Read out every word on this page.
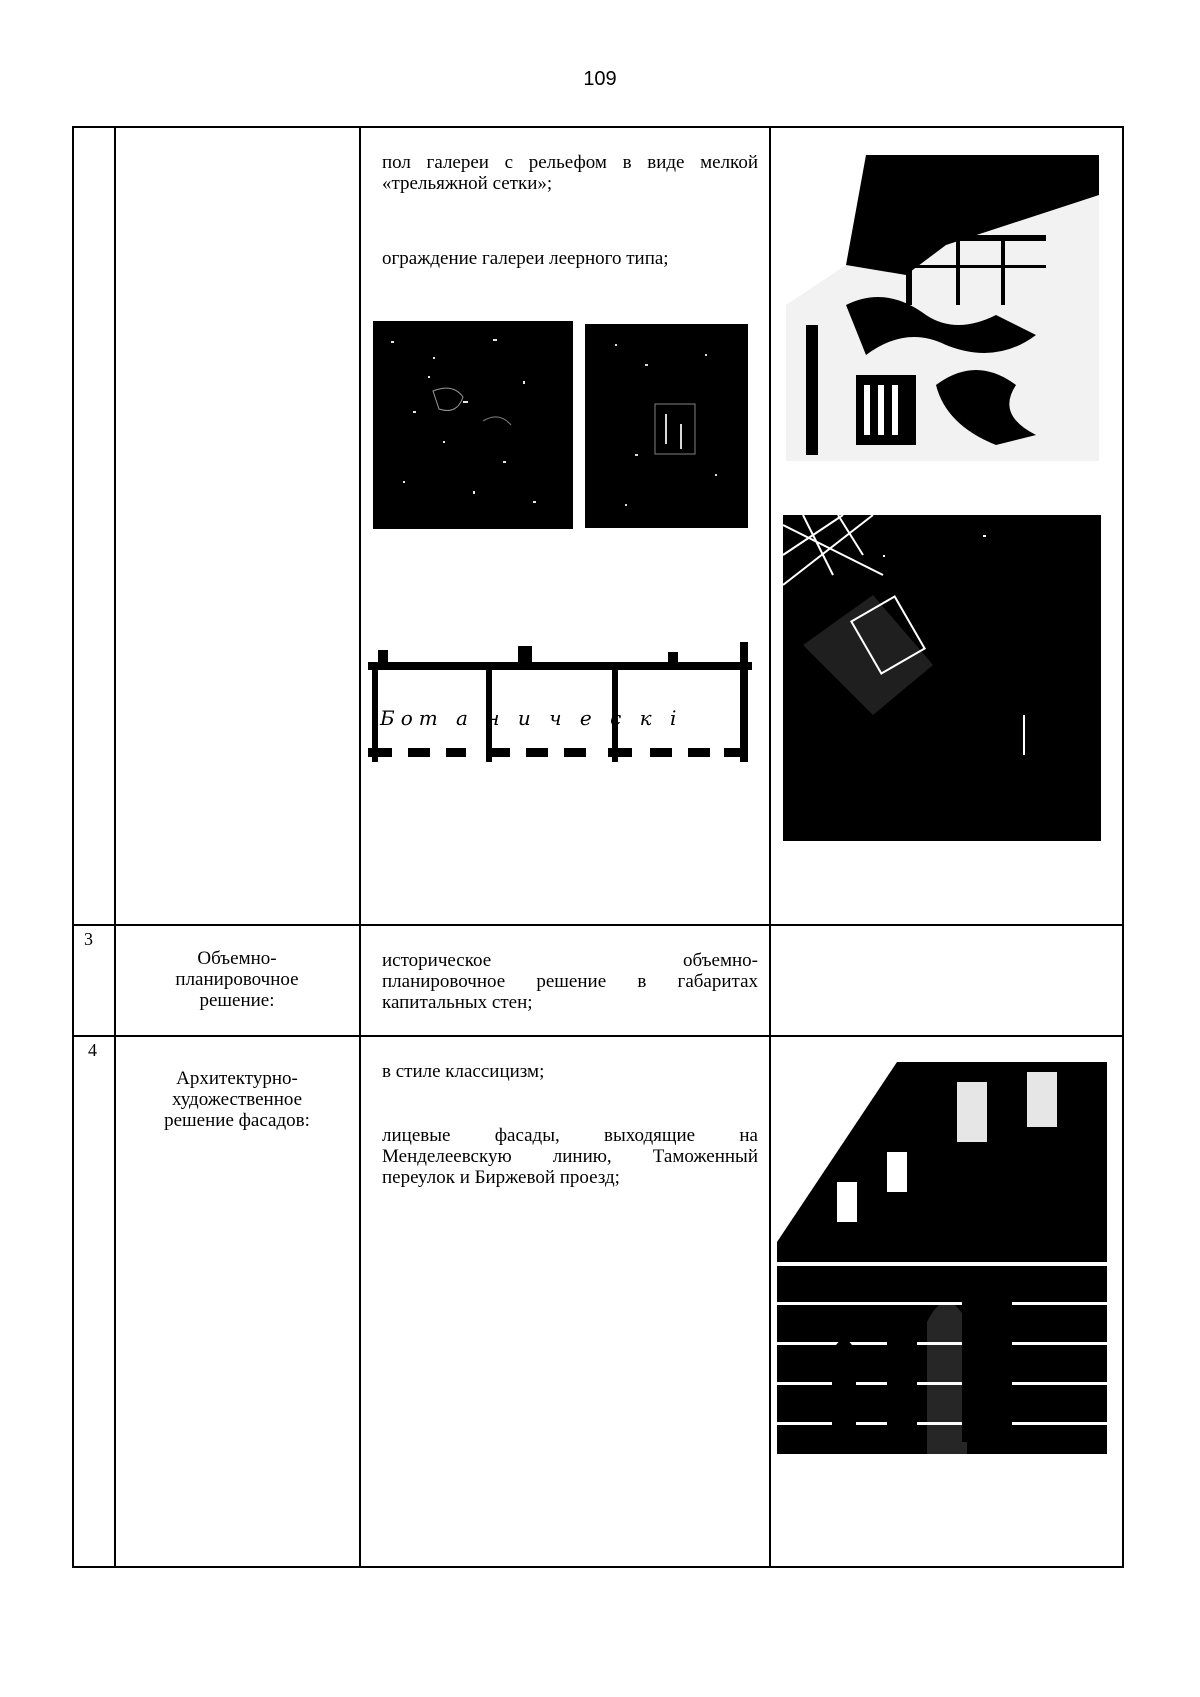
109
пол галереи с рельефом в виде мелкой
«трельяжной сетки»;
ограждение галереи леерного типа;
Бот а н и ч е с к і
3
Объемно-
планировочное
решение:
историческое объемно-
планировочное решение в габаритах
капитальных стен;
4
Архитектурно-
художественное
решение фасадов:
в стиле классицизм;
лицевые фасады, выходящие на
Менделеевскую линию, Таможенный
переулок и Биржевой проезд;
